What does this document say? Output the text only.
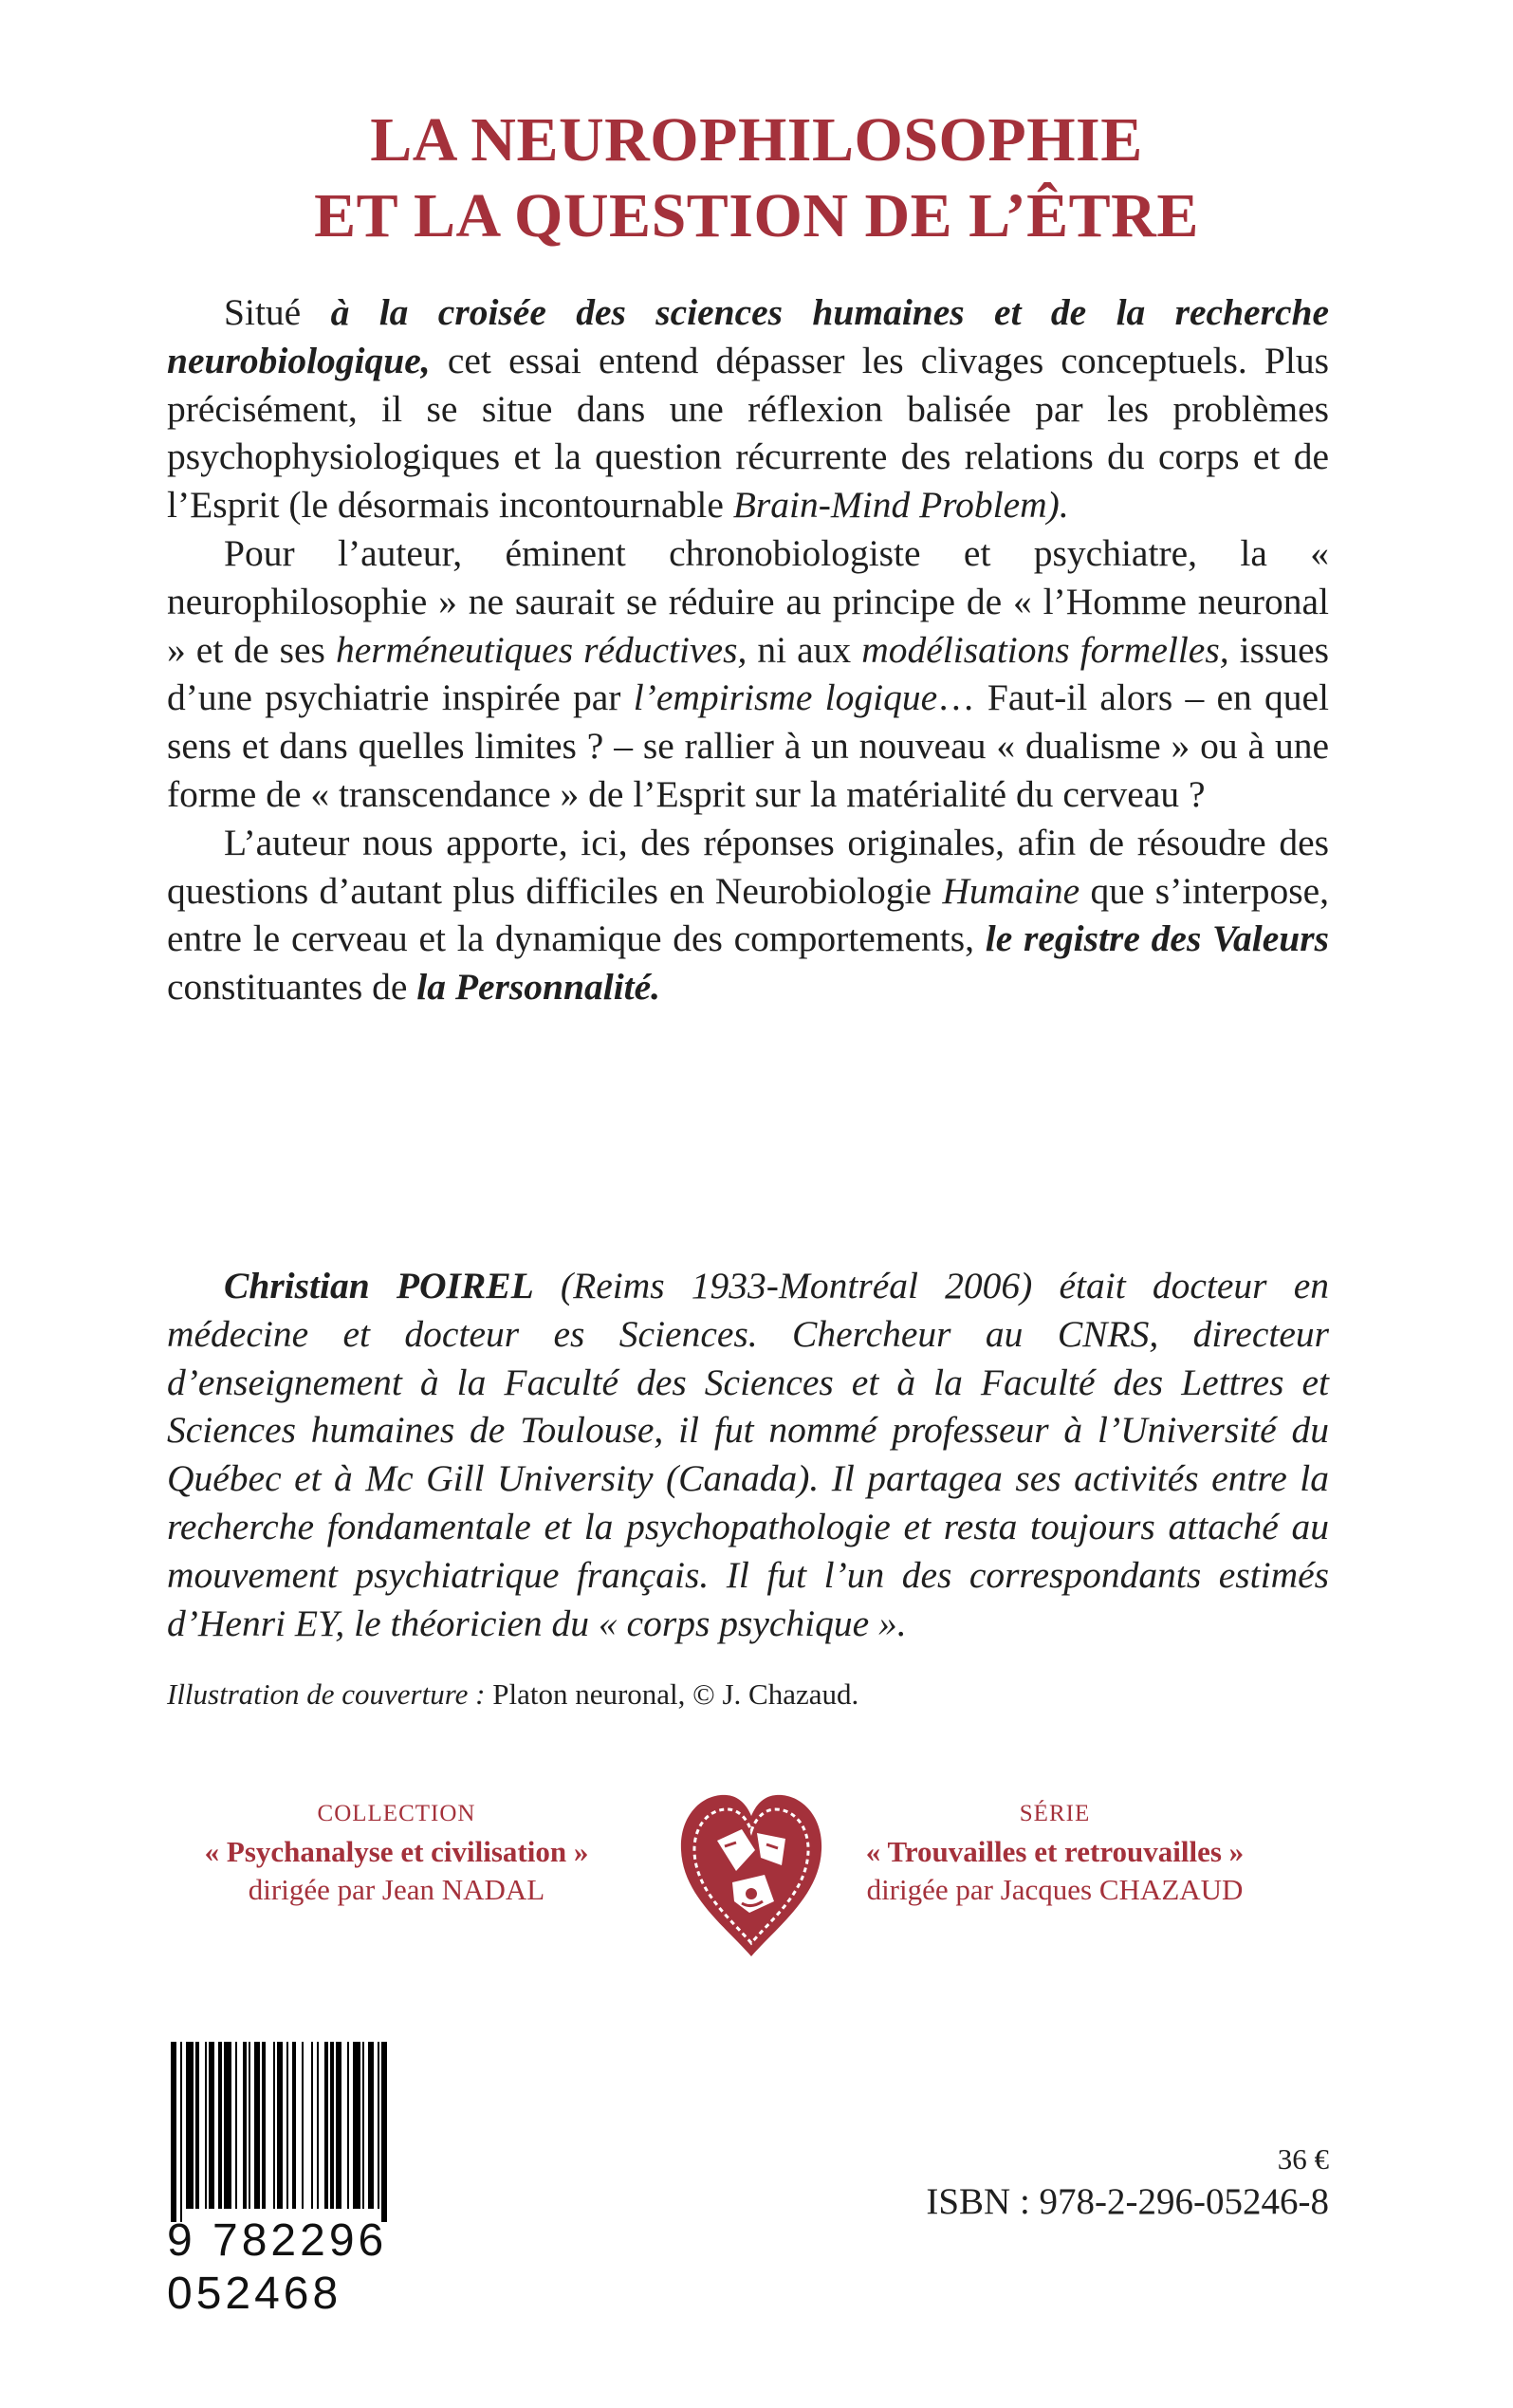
LA NEUROPHILOSOPHIE
ET LA QUESTION DE L’ÊTRE

Situé à la croisée des sciences humaines et de la recherche neurobiologique, cet essai entend dépasser les clivages conceptuels. Plus précisément, il se situe dans une réflexion balisée par les problèmes psychophysiologiques et la question récurrente des relations du corps et de l’Esprit (le désormais incontournable Brain-Mind Problem).

Pour l’auteur, éminent chronobiologiste et psychiatre, la « neurophilosophie » ne saurait se réduire au principe de « l’Homme neuronal » et de ses herméneutiques réductives, ni aux modélisations formelles, issues d’une psychiatrie inspirée par l’empirisme logique… Faut-il alors – en quel sens et dans quelles limites ? – se rallier à un nouveau « dualisme » ou à une forme de « transcendance » de l’Esprit sur la matérialité du cerveau ?

L’auteur nous apporte, ici, des réponses originales, afin de résoudre des questions d’autant plus difficiles en Neurobiologie Humaine que s’interpose, entre le cerveau et la dynamique des comportements, le registre des Valeurs constituantes de la Personnalité.

Christian POIREL (Reims 1933-Montréal 2006) était docteur en médecine et docteur es Sciences. Chercheur au CNRS, directeur d’enseignement à la Faculté des Sciences et à la Faculté des Lettres et Sciences humaines de Toulouse, il fut nommé professeur à l’Université du Québec et à Mc Gill University (Canada). Il partagea ses activités entre la recherche fondamentale et la psychopathologie et resta toujours attaché au mouvement psychiatrique français. Il fut l’un des correspondants estimés d’Henri EY, le théoricien du « corps psychique ».

Illustration de couverture : Platon neuronal, © J. Chazaud.
COLLECTION
« Psychanalyse et civilisation »
dirigée par Jean NADAL
SÉRIE
« Trouvailles et retrouvailles »
dirigée par Jacques CHAZAUD
9 782296 052468
36 €
ISBN : 978-2-296-05246-8
